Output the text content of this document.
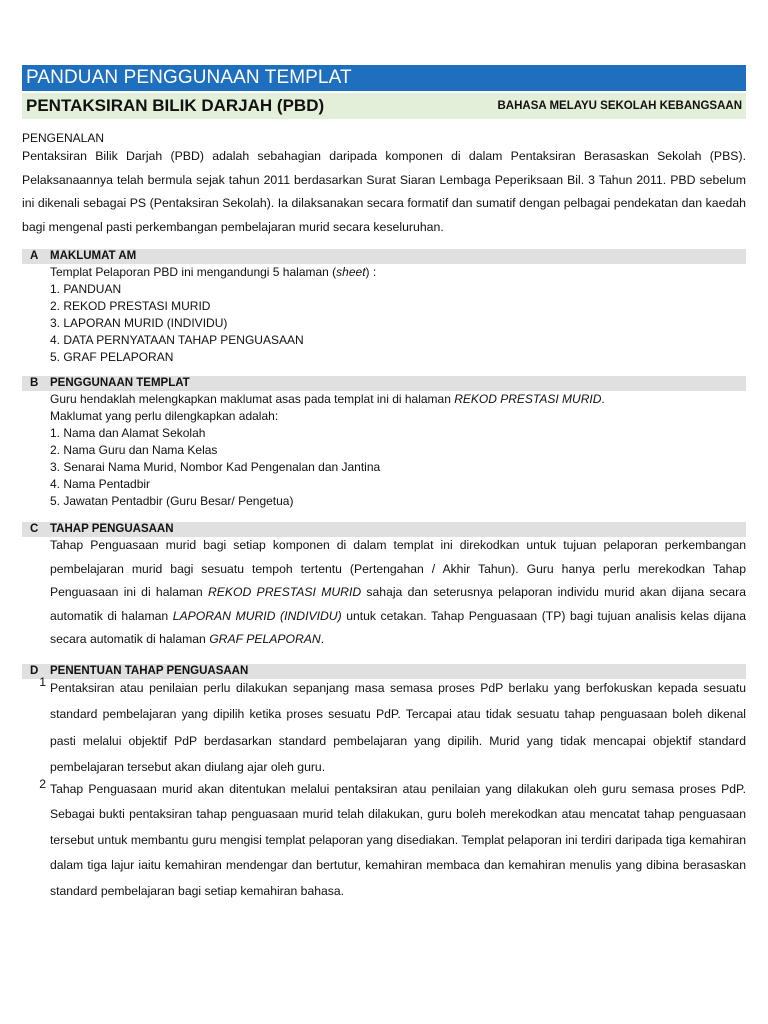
PANDUAN PENGGUNAAN TEMPLAT
PENTAKSIRAN BILIK DARJAH (PBD)	BAHASA MELAYU SEKOLAH KEBANGSAAN
PENGENALAN

Pentaksiran Bilik Darjah (PBD) adalah sebahagian daripada komponen di dalam Pentaksiran Berasaskan Sekolah (PBS). Pelaksanaannya telah bermula sejak tahun 2011 berdasarkan Surat Siaran Lembaga Peperiksaan Bil. 3 Tahun 2011. PBD sebelum ini dikenali sebagai PS (Pentaksiran Sekolah). Ia dilaksanakan secara formatif dan sumatif dengan pelbagai pendekatan dan kaedah bagi mengenal pasti perkembangan pembelajaran murid secara keseluruhan.

A	MAKLUMAT AM
Templat Pelaporan PBD ini mengandungi 5 halaman (sheet) :
1. PANDUAN
2. REKOD PRESTASI MURID
3. LAPORAN MURID (INDIVIDU)
4. DATA PERNYATAAN TAHAP PENGUASAAN
5. GRAF PELAPORAN
B	PENGGUNAAN TEMPLAT
Guru hendaklah melengkapkan maklumat asas pada templat ini di halaman REKOD PRESTASI MURID.
Maklumat yang perlu dilengkapkan adalah:
1. Nama dan Alamat Sekolah
2. Nama Guru dan Nama Kelas
3. Senarai Nama Murid, Nombor Kad Pengenalan dan Jantina
4. Nama Pentadbir
5. Jawatan Pentadbir (Guru Besar/ Pengetua)
C	TAHAP PENGUASAAN

Tahap Penguasaan murid bagi setiap komponen di dalam templat ini direkodkan untuk tujuan pelaporan perkembangan pembelajaran murid bagi sesuatu tempoh tertentu (Pertengahan / Akhir Tahun). Guru hanya perlu merekodkan Tahap Penguasaan ini di halaman REKOD PRESTASI MURID sahaja dan seterusnya pelaporan individu murid akan dijana secara automatik di halaman LAPORAN MURID (INDIVIDU) untuk cetakan. Tahap Penguasaan (TP) bagi tujuan analisis kelas dijana secara automatik di halaman GRAF PELAPORAN.

D	PENENTUAN TAHAP PENGUASAAN
1 Pentaksiran atau penilaian perlu dilakukan sepanjang masa semasa proses PdP berlaku yang berfokuskan kepada sesuatu standard pembelajaran yang dipilih ketika proses sesuatu PdP. Tercapai atau tidak sesuatu tahap penguasaan boleh dikenal pasti melalui objektif PdP berdasarkan standard pembelajaran yang dipilih. Murid yang tidak mencapai objektif standard pembelajaran tersebut akan diulang ajar oleh guru.

2 Tahap Penguasaan murid akan ditentukan melalui pentaksiran atau penilaian yang dilakukan oleh guru semasa proses PdP. Sebagai bukti pentaksiran tahap penguasaan murid telah dilakukan, guru boleh merekodkan atau mencatat tahap penguasaan tersebut untuk membantu guru mengisi templat pelaporan yang disediakan. Templat pelaporan ini terdiri daripada tiga kemahiran dalam tiga lajur iaitu kemahiran mendengar dan bertutur, kemahiran membaca dan kemahiran menulis yang dibina berasaskan standard pembelajaran bagi setiap kemahiran bahasa.
